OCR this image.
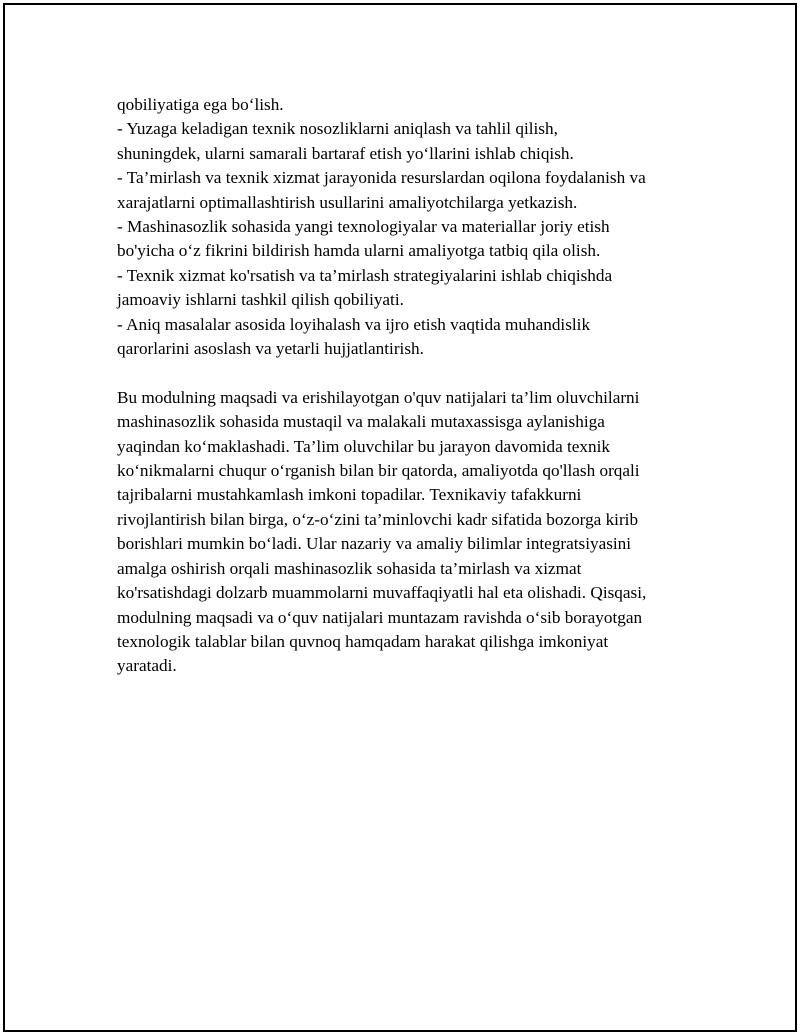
qobiliyatiga ega bo‘lish.
- Yuzaga keladigan texnik nosozliklarni aniqlash va tahlil qilish,
shuningdek, ularni samarali bartaraf etish yo‘llarini ishlab chiqish.
- Ta’mirlash va texnik xizmat jarayonida resurslardan oqilona foydalanish va
xarajatlarni optimallashtirish usullarini amaliyotchilarga yetkazish.
- Mashinasozlik sohasida yangi texnologiyalar va materiallar joriy etish
bo'yicha o‘z fikrini bildirish hamda ularni amaliyotga tatbiq qila olish.
- Texnik xizmat ko'rsatish va ta’mirlash strategiyalarini ishlab chiqishda
jamoaviy ishlarni tashkil qilish qobiliyati.
- Aniq masalalar asosida loyihalash va ijro etish vaqtida muhandislik
qarorlarini asoslash va yetarli hujjatlantirish.
Bu modulning maqsadi va erishilayotgan o'quv natijalari ta’lim oluvchilarni
mashinasozlik sohasida mustaqil va malakali mutaxassisga aylanishiga
yaqindan ko‘maklashadi. Ta’lim oluvchilar bu jarayon davomida texnik
ko‘nikmalarni chuqur o‘rganish bilan bir qatorda, amaliyotda qo'llash orqali
tajribalarni mustahkamlash imkoni topadilar. Texnikaviy tafakkurni
rivojlantirish bilan birga, o‘z-o‘zini ta’minlovchi kadr sifatida bozorga kirib
borishlari mumkin bo‘ladi. Ular nazariy va amaliy bilimlar integratsiyasini
amalga oshirish orqali mashinasozlik sohasida ta’mirlash va xizmat
ko'rsatishdagi dolzarb muammolarni muvaffaqiyatli hal eta olishadi. Qisqasi,
modulning maqsadi va o‘quv natijalari muntazam ravishda o‘sib borayotgan
texnologik talablar bilan quvnoq hamqadam harakat qilishga imkoniyat
yaratadi.
